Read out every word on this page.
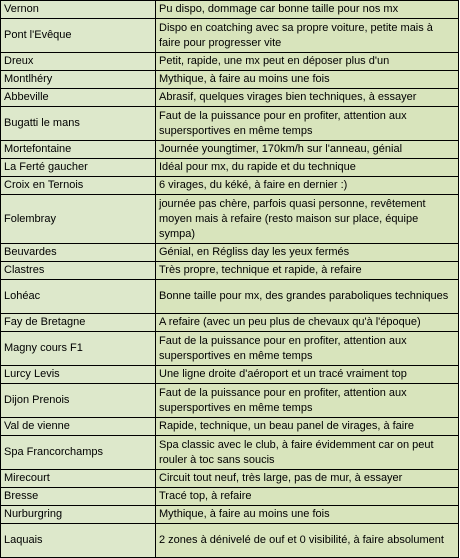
Vernon	Pu dispo, dommage car bonne taille pour nos mx
Pont l'Evêque	Dispo en coatching avec sa propre voiture, petite mais à faire pour progresser vite
Dreux	Petit, rapide, une mx peut en déposer plus d'un
Montlhéry	Mythique, à faire au moins une fois
Abbeville	Abrasif, quelques virages bien techniques, à essayer
Bugatti le mans	Faut de la puissance pour en profiter, attention aux supersportives en même temps
Mortefontaine	Journée youngtimer, 170km/h sur l'anneau, génial
La Ferté gaucher	Idéal pour mx, du rapide et du technique
Croix en Ternois	6 virages, du kéké, à faire en dernier :)
Folembray	journée pas chère, parfois quasi personne, revêtement moyen mais à refaire (resto maison sur place, équipe sympa)
Beuvardes	Génial, en Régliss day les yeux fermés
Clastres	Très propre, technique et rapide, à refaire
Lohéac	Bonne taille pour mx, des grandes paraboliques techniques
Fay de Bretagne	A refaire (avec un peu plus de chevaux qu'à l'époque)
Magny cours F1	Faut de la puissance pour en profiter, attention aux supersportives en même temps
Lurcy Levis	Une ligne droite d'aéroport et un tracé vraiment top
Dijon Prenois	Faut de la puissance pour en profiter, attention aux supersportives en même temps
Val de vienne	Rapide, technique, un beau panel de virages, à faire
Spa Francorchamps	Spa classic avec le club, à faire évidemment car on peut rouler à toc sans soucis
Mirecourt	Circuit tout neuf, très large, pas de mur, à essayer
Bresse	Tracé top, à refaire
Nurburgring	Mythique, à faire au moins une fois
Laquais	2 zones à dénivelé de ouf et 0 visibilité, à faire absolument
